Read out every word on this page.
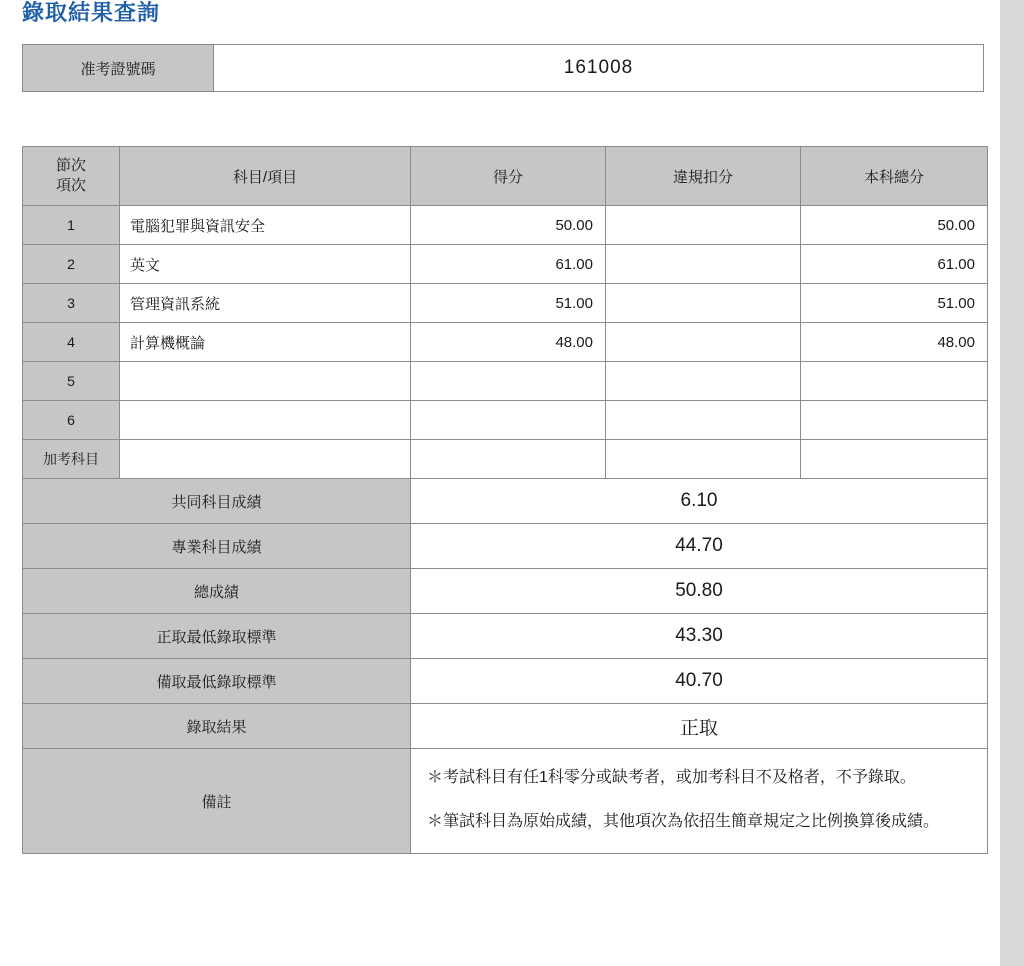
錄取結果查詢
准考證號碼	161008
節次
項次	科目/項目	得分	違規扣分	本科總分
1	電腦犯罪與資訊安全	50.00		50.00
2	英文	61.00		61.00
3	管理資訊系統	51.00		51.00
4	計算機概論	48.00		48.00
5				
6				
加考科目				
共同科目成績		6.10		
專業科目成績		44.70		
總成績		50.80		
正取最低錄取標準		43.30		
備取最低錄取標準		40.70		
錄取結果		正取		
備註		＊考試科目有任1科零分或缺考者，或加考科目不及格者，不予錄取。

＊筆試科目為原始成績，其他項次為依招生簡章規定之比例換算後成績。		
